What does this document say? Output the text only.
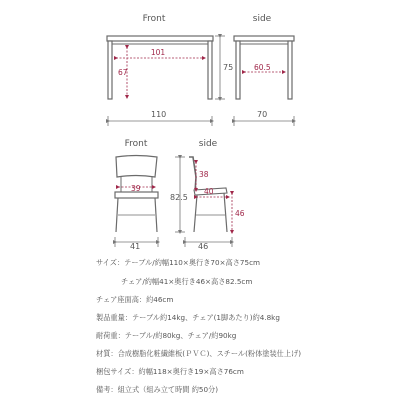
Front
101
67
110
side
60.5
75
70
Front
39
41
side
82.5
38
40
46
46
サイズ：テーブル/約幅110×奥行き70×高さ75cm
チェア/約幅41×奥行き46×高さ82.5cm
チェア座面高：約46cm
製品重量：テーブル約14kg、チェア(1脚あたり)約4.8kg
耐荷重：テーブル/約80kg、チェア/約90kg
材質：合成樹脂化粧繊維板(ＰＶＣ)、スチール(粉体塗装仕上げ)
梱包サイズ：約幅118×奥行き19×高さ76cm
備考：組立式（組み立て時間 約50分)
